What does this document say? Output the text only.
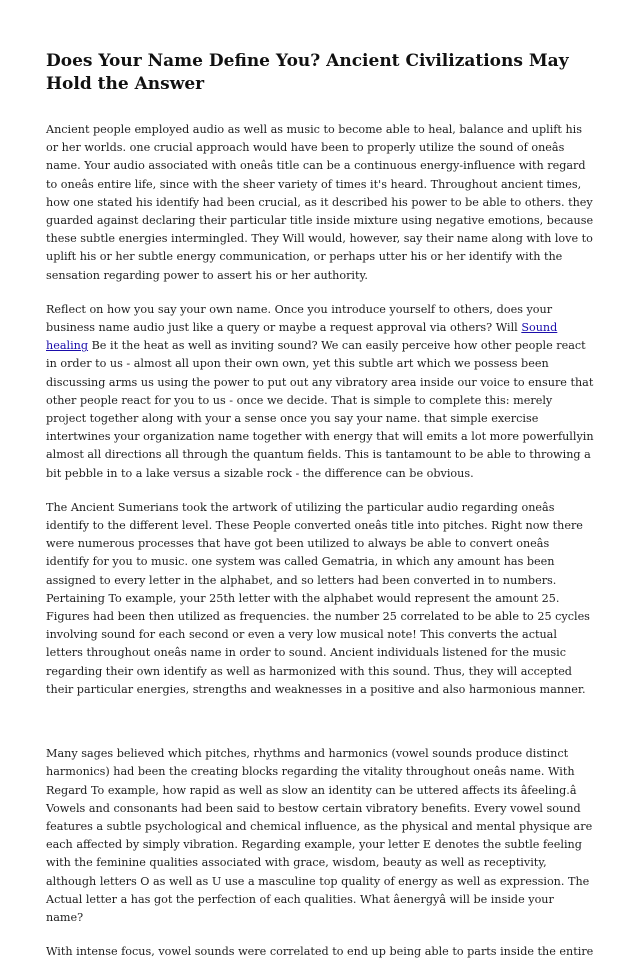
Does Your Name Define You? Ancient Civilizations May Hold the Answer

Ancient people employed audio as well as music to become able to heal, balance and uplift his or her worlds. one crucial approach would have been to properly utilize the sound of oneâs name. Your audio associated with oneâs title can be a continuous energy-influence with regard to oneâs entire life, since with the sheer variety of times it's heard. Throughout ancient times, how one stated his identify had been crucial, as it described his power to be able to others. they guarded against declaring their particular title inside mixture using negative emotions, because these subtle energies intermingled. They Will would, however, say their name along with love to uplift his or her subtle energy communication, or perhaps utter his or her identify with the sensation regarding power to assert his or her authority.

Reflect on how you say your own name. Once you introduce yourself to others, does your business name audio just like a query or maybe a request approval via others? Will Sound healing Be it the heat as well as inviting sound? We can easily perceive how other people react in order to us - almost all upon their own own, yet this subtle art which we possess been discussing arms us using the power to put out any vibratory area inside our voice to ensure that other people react for you to us - once we decide. That is simple to complete this: merely project together along with your a sense once you say your name. that simple exercise intertwines your organization name together with energy that will emits a lot more powerfullyin almost all directions all through the quantum fields. This is tantamount to be able to throwing a bit pebble in to a lake versus a sizable rock - the difference can be obvious.

The Ancient Sumerians took the artwork of utilizing the particular audio regarding oneâs identify to the different level. These People converted oneâs title into pitches. Right now there were numerous processes that have got been utilized to always be able to convert oneâs identify for you to music. one system was called Gematria, in which any amount has been assigned to every letter in the alphabet, and so letters had been converted in to numbers. Pertaining To example, your 25th letter with the alphabet would represent the amount 25. Figures had been then utilized as frequencies. the number 25 correlated to be able to 25 cycles involving sound for each second or even a very low musical note! This converts the actual letters throughout oneâs name in order to sound. Ancient individuals listened for the music regarding their own identify as well as harmonized with this sound. Thus, they will accepted their particular energies, strengths and weaknesses in a positive and also harmonious manner.

Many sages believed which pitches, rhythms and harmonics (vowel sounds produce distinct harmonics) had been the creating blocks regarding the vitality throughout oneâs name. With Regard To example, how rapid as well as slow an identity can be uttered affects its âfeeling.â Vowels and consonants had been said to bestow certain vibratory benefits. Every vowel sound features a subtle psychological and chemical influence, as the physical and mental physique are each affected by simply vibration. Regarding example, your letter E denotes the subtle feeling with the feminine qualities associated with grace, wisdom, beauty as well as receptivity, although letters O as well as U use a masculine top quality of energy as well as expression. The Actual letter a has got the perfection of each qualities. What âenergyâ will be inside your name?

With intense focus, vowel sounds were correlated to end up being able to parts inside the entire
